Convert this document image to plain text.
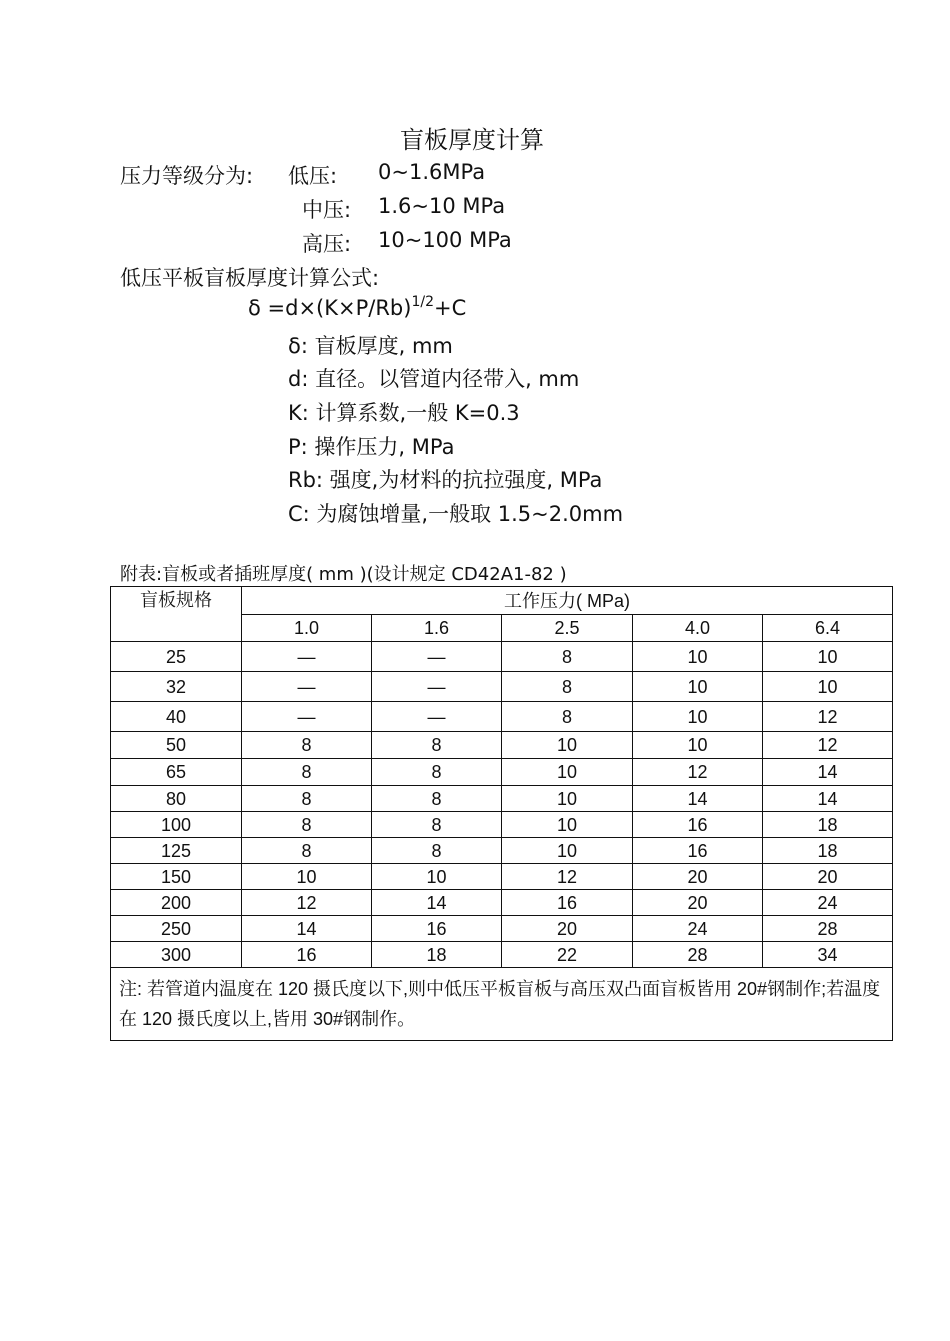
盲板厚度计算
压力等级分为: 低压: 0~1.6MPa
中压: 1.6~10 MPa
高压: 10~100 MPa
低压平板盲板厚度计算公式:
$\delta =d\times(K\times P/Rb)^{1/2}+C$
δ: 盲板厚度, mm
d: 直径。以管道内径带入, mm
K: 计算系数,一般 K=0.3
P: 操作压力, MPa
Rb: 强度,为材料的抗拉强度, MPa
C: 为腐蚀增量,一般取 1.5~2.0mm
附表:盲板或者插班厚度( mm )(设计规定 CD42A1-82 )
盲板规格	工作压力( MPa)				
	1.0	1.6	2.5	4.0	6.4
25	—	—	8	10	10
32	—	—	8	10	10
40	—	—	8	10	12
50	8	8	10	10	12
65	8	8	10	12	14
80	8	8	10	14	14
100	8	8	10	16	18
125	8	8	10	16	18
150	10	10	12	20	20
200	12	14	16	20	24
250	14	16	20	24	28
300	16	18	22	28	34
注: 若管道内温度在 120 摄氏度以下,则中低压平板盲板与高压双凸面盲板皆用 20#钢制作;若温度在 120 摄氏度以上,皆用 30#钢制作。					
